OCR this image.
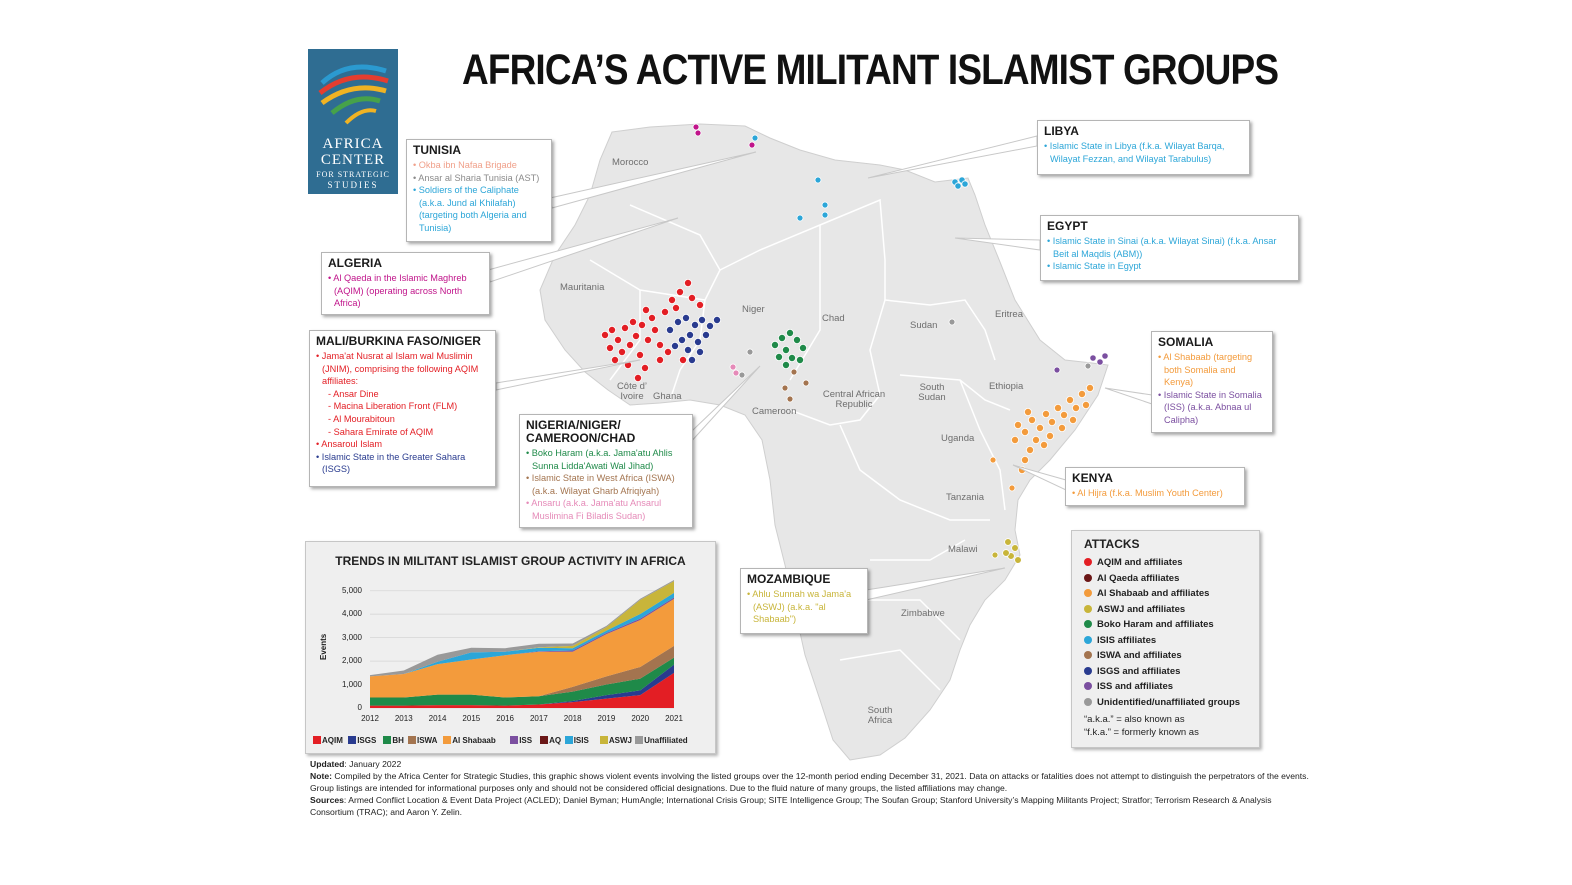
Morocco
Mauritania
Niger
Chad
Sudan
Eritrea
Ethiopia
South Sudan
Central African Republic
Cameroon
Côte d’ Ivoire Ghana
Uganda
Tanzania
Malawi
Zimbabwe
South Africa
AFRICA’S ACTIVE MILITANT ISLAMIST GROUPS
AFRICA
CENTER
FOR STRATEGIC
STUDIES
TUNISIA
• Okba ibn Nafaa Brigade
• Ansar al Sharia Tunisia (AST)
• Soldiers of the Caliphate (a.k.a. Jund al Khilafah) (targeting both Algeria and Tunisia)
ALGERIA
• Al Qaeda in the Islamic Maghreb (AQIM) (operating across North Africa)
MALI/BURKINA FASO/NIGER
• Jama'at Nusrat al Islam wal Muslimin (JNIM), comprising the following AQIM affiliates:
- Ansar Dine
- Macina Liberation Front (FLM)
- Al Mourabitoun
- Sahara Emirate of AQIM
• Ansaroul Islam
• Islamic State in the Greater Sahara (ISGS)
NIGERIA/NIGER/ CAMEROON/CHAD
• Boko Haram (a.k.a. Jama'atu Ahlis Sunna Lidda'Awati Wal Jihad)
• Islamic State in West Africa (ISWA) (a.k.a. Wilayat Gharb Afriqiyah)
• Ansaru (a.k.a. Jama'atu Ansarul Muslimina Fi Biladis Sudan)
LIBYA
• Islamic State in Libya (f.k.a. Wilayat Barqa, Wilayat Fezzan, and Wilayat Tarabulus)
EGYPT
• Islamic State in Sinai (a.k.a. Wilayat Sinai) (f.k.a. Ansar Beit al Maqdis (ABM))
• Islamic State in Egypt
SOMALIA
• Al Shabaab (targeting both Somalia and Kenya)
• Islamic State in Somalia (ISS) (a.k.a. Abnaa ul Calipha)
KENYA
• Al Hijra (f.k.a. Muslim Youth Center)
MOZAMBIQUE
• Ahlu Sunnah wa Jama'a (ASWJ) (a.k.a. "al Shabaab")
TRENDS IN MILITANT ISLAMIST GROUP ACTIVITY IN AFRICA
Events
0
1,000
2,000
3,000
4,000
5,000
2012	2013	2014	2015	2016	2017	2018	2019	2020	2021
AQIM	ISGS	BH	ISWA	Al Shabaab	ISS	AQ	ISIS	ASWJ	Unaffiliated
ATTACKS
AQIM and affiliates
Al Qaeda affiliates
Al Shabaab and affiliates
ASWJ and affiliates
Boko Haram and affiliates
ISIS affiliates
ISWA and affiliates
ISGS and affiliates
ISS and affiliates
Unidentified/unaffiliated groups
“a.k.a.” = also known as
“f.k.a.” = formerly known as
Updated: January 2022
Note: Compiled by the Africa Center for Strategic Studies, this graphic shows violent events involving the listed groups over the 12-month period ending December 31, 2021. Data on attacks or fatalities does not attempt to distinguish the perpetrators of the events. Group listings are intended for informational purposes only and should not be considered official designations. Due to the fluid nature of many groups, the listed affiliations may change.
Sources: Armed Conflict Location & Event Data Project (ACLED); Daniel Byman; HumAngle; International Crisis Group; SITE Intelligence Group; The Soufan Group; Stanford University’s Mapping Militants Project; Stratfor; Terrorism Research & Analysis Consortium (TRAC); and Aaron Y. Zelin.
